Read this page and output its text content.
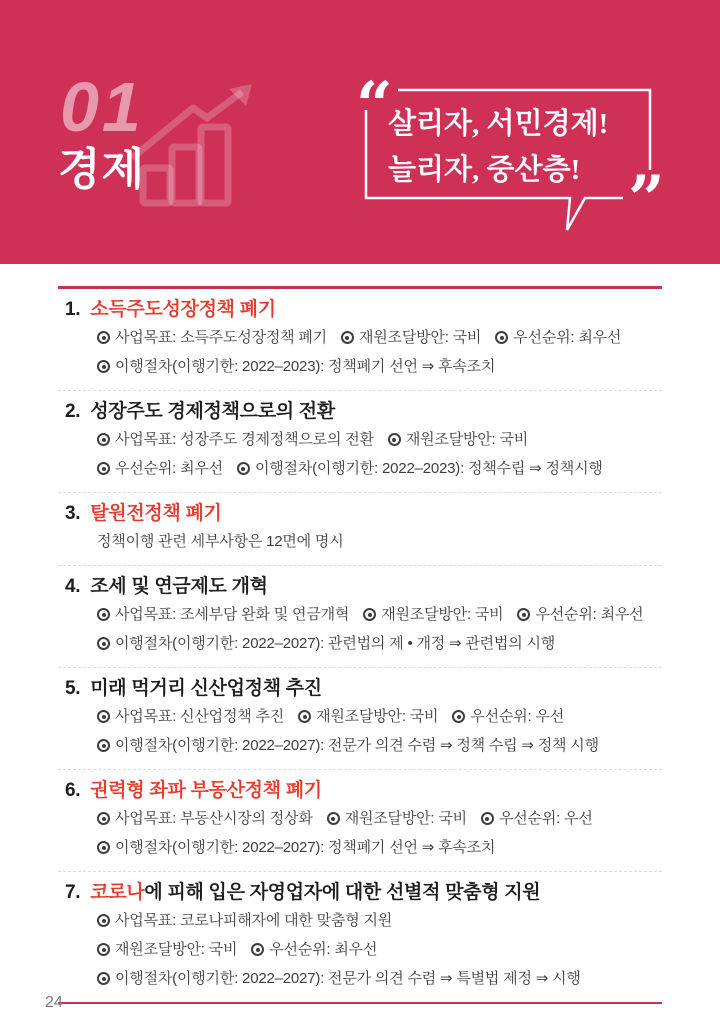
01
경제
“
”
살리자, 서민경제!
늘리자, 중산층!
1. 소득주도성장정책 폐기
사업목표: 소득주도성장정책 폐기 재원조달방안: 국비 우선순위: 최우선
이행절차(이행기한: 2022–2023): 정책폐기 선언 ⇒ 후속조치
2. 성장주도 경제정책으로의 전환
사업목표: 성장주도 경제정책으로의 전환 재원조달방안: 국비
우선순위: 최우선 이행절차(이행기한: 2022–2023): 정책수립 ⇒ 정책시행
3. 탈원전정책 폐기
정책이행 관련 세부사항은 12면에 명시
4. 조세 및 연금제도 개혁
사업목표: 조세부담 완화 및 연금개혁 재원조달방안: 국비 우선순위: 최우선
이행절차(이행기한: 2022–2027): 관련법의 제 • 개정 ⇒ 관련법의 시행
5. 미래 먹거리 신산업정책 추진
사업목표: 신산업정책 추진 재원조달방안: 국비 우선순위: 우선
이행절차(이행기한: 2022–2027): 전문가 의견 수렴 ⇒ 정책 수립 ⇒ 정책 시행
6. 권력형 좌파 부동산정책 폐기
사업목표: 부동산시장의 정상화 재원조달방안: 국비 우선순위: 우선
이행절차(이행기한: 2022–2027): 정책폐기 선언 ⇒ 후속조치
7. 코로나에 피해 입은 자영업자에 대한 선별적 맞춤형 지원
사업목표: 코로나피해자에 대한 맞춤형 지원
재원조달방안: 국비 우선순위: 최우선
이행절차(이행기한: 2022–2027): 전문가 의견 수렴 ⇒ 특별법 제정 ⇒ 시행
24
